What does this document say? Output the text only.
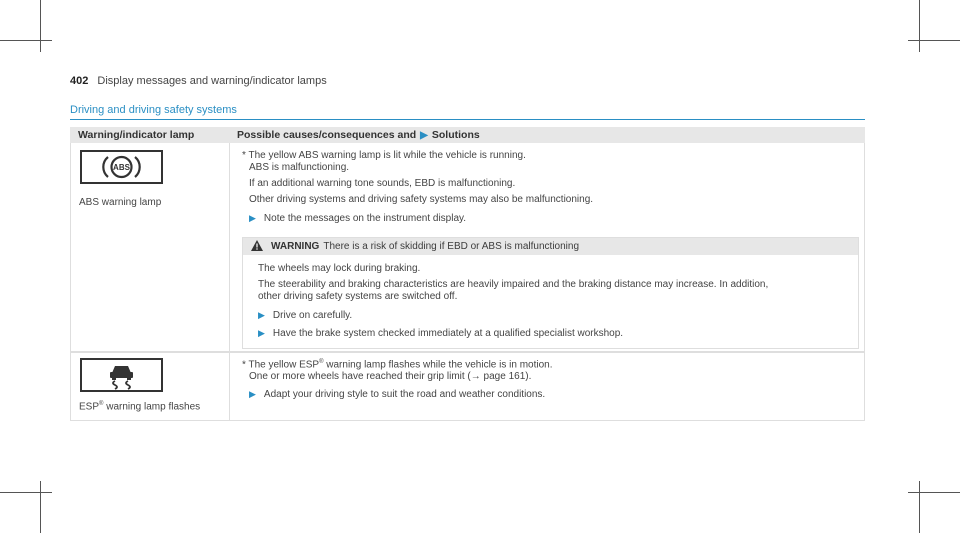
402 Display messages and warning/indicator lamps
Driving and driving safety systems
Warning/indicator lamp	Possible causes/consequences and ▶ Solutions
ABS
ABS warning lamp
* The yellow ABS warning lamp is lit while the vehicle is running.
ABS is malfunctioning.
If an additional warning tone sounds, EBD is malfunctioning.
Other driving systems and driving safety systems may also be malfunctioning.
▶ Note the messages on the instrument display.
WARNING There is a risk of skidding if EBD or ABS is malfunctioning
The wheels may lock during braking.
The steerability and braking characteristics are heavily impaired and the braking distance may increase. In addition,
other driving safety systems are switched off.
▶ Drive on carefully.
▶ Have the brake system checked immediately at a qualified specialist workshop.
ESP® warning lamp flashes
* The yellow ESP® warning lamp flashes while the vehicle is in motion.
One or more wheels have reached their grip limit (→ page 161).
▶ Adapt your driving style to suit the road and weather conditions.
